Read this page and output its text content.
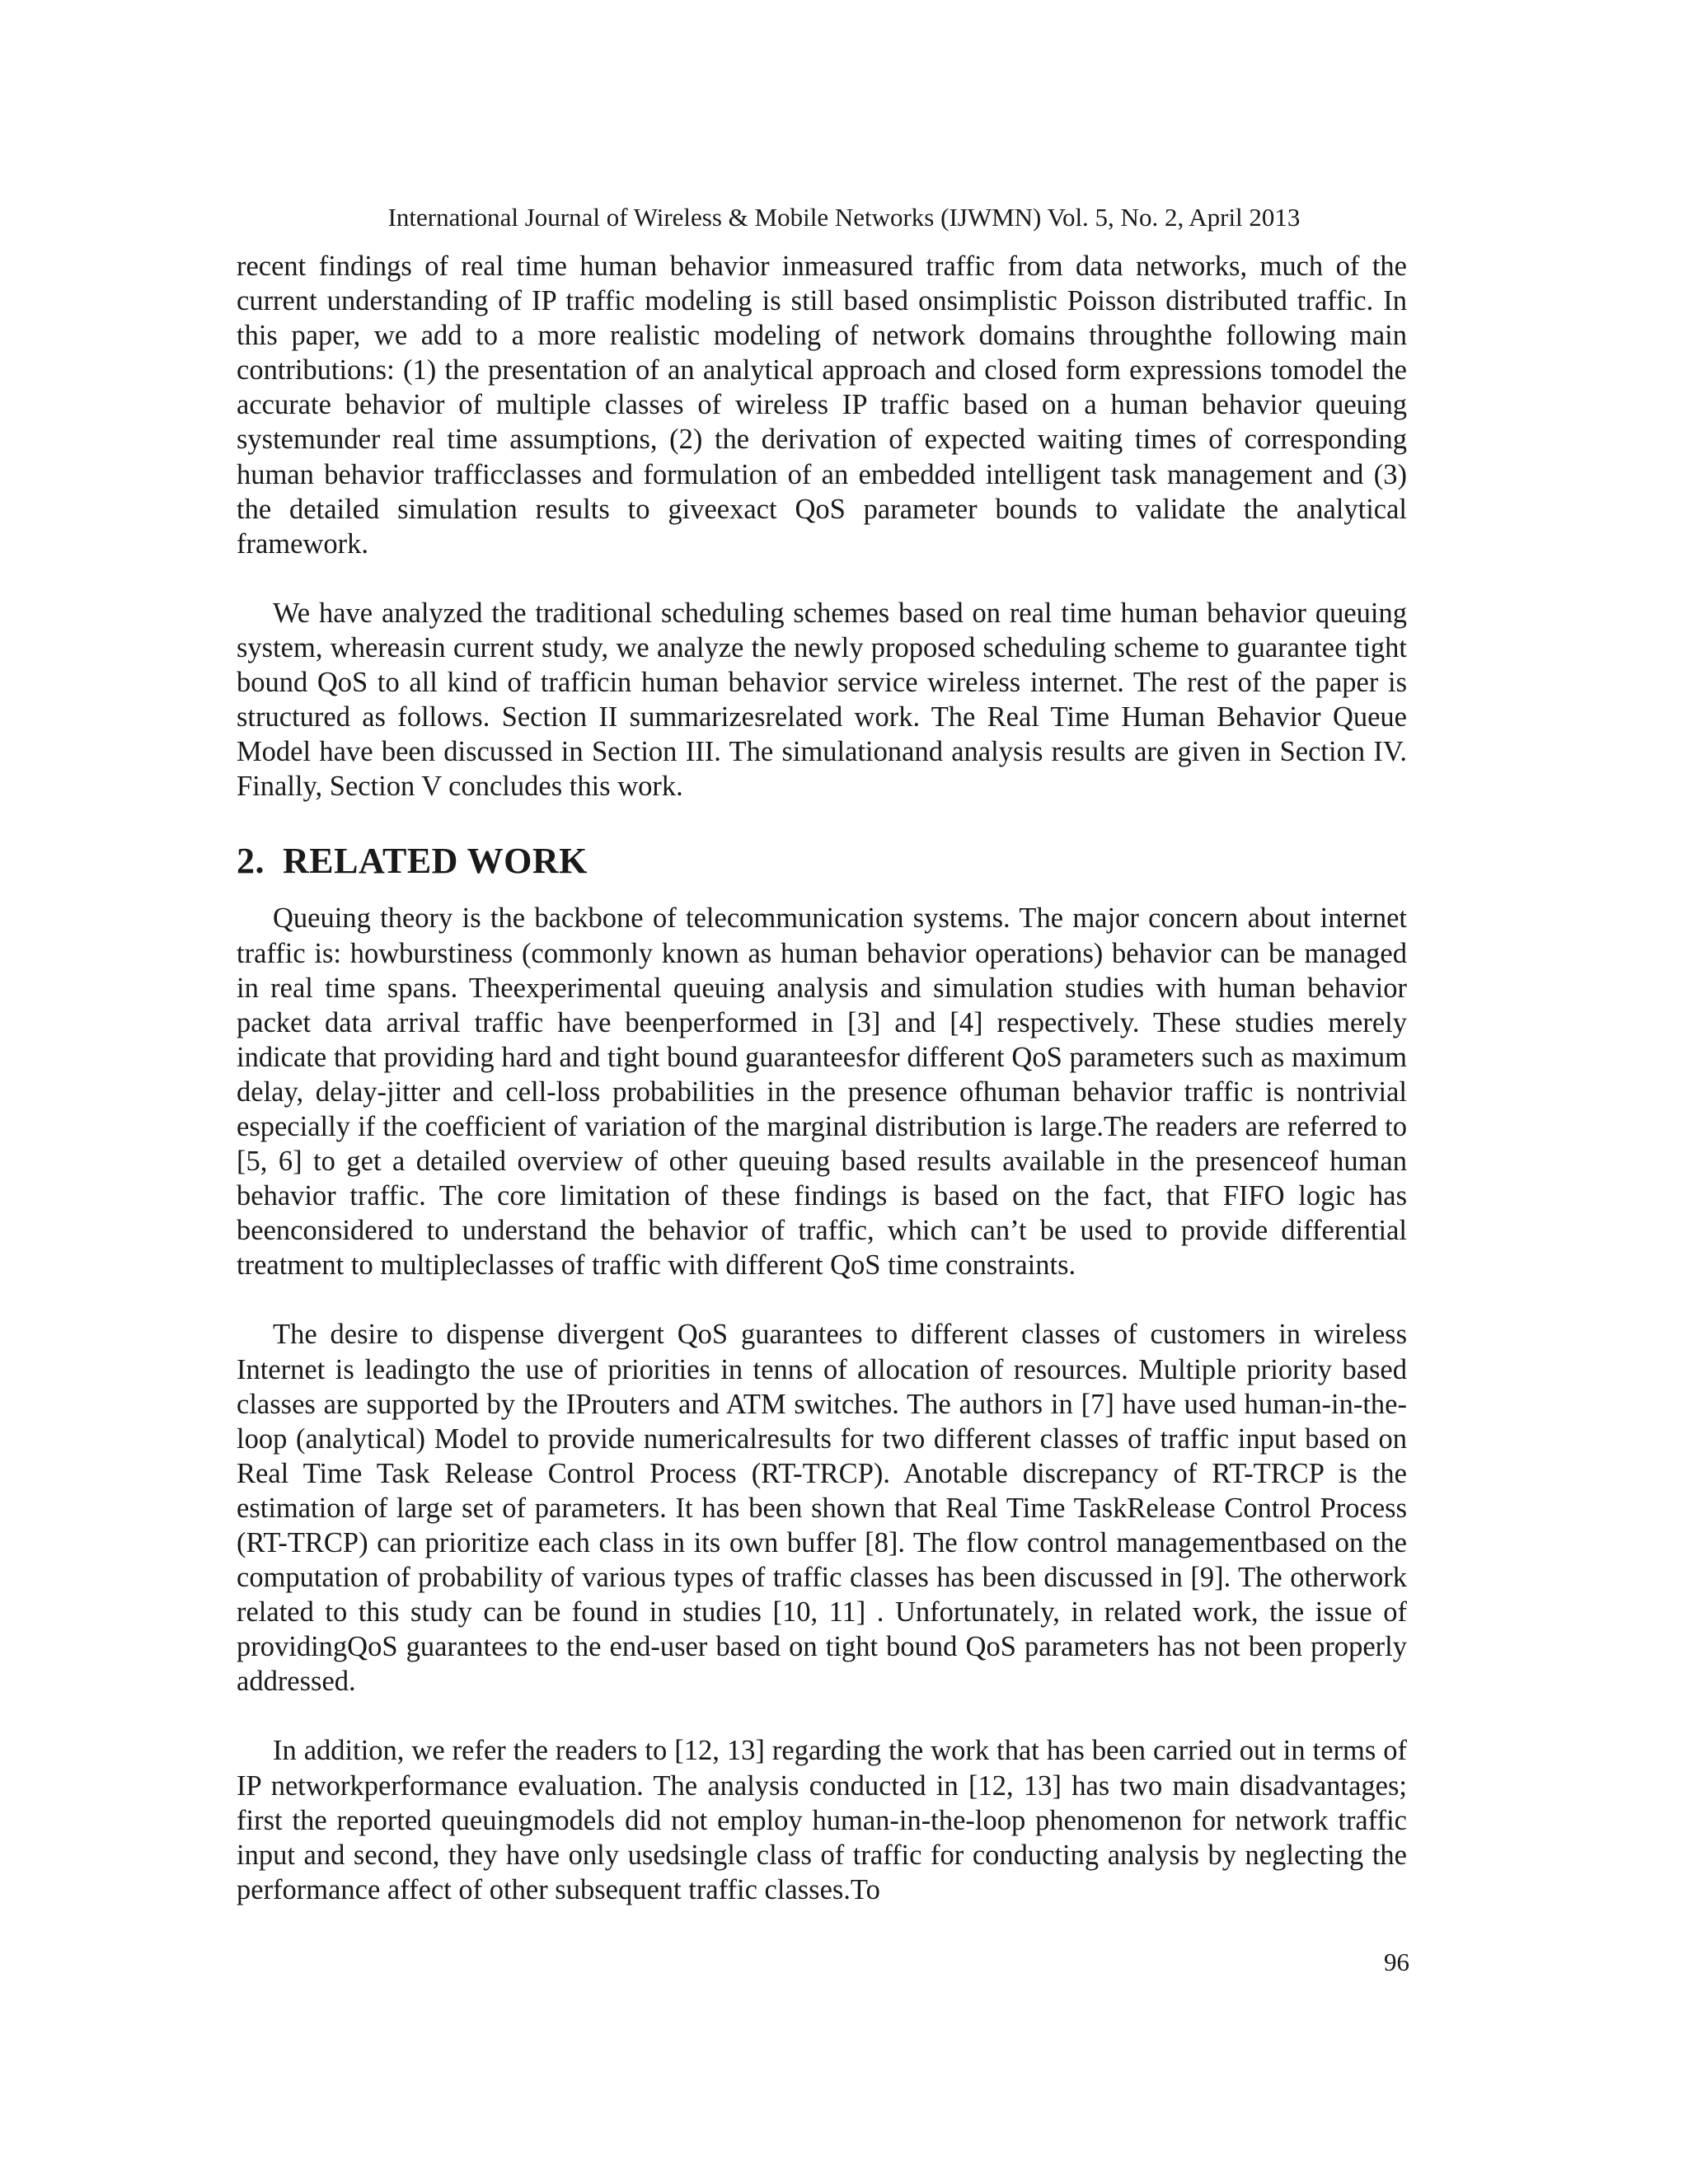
International Journal of Wireless & Mobile Networks (IJWMN) Vol. 5, No. 2, April 2013

recent findings of real time human behavior inmeasured traffic from data networks, much of the current understanding of IP traffic modeling is still based onsimplistic Poisson distributed traffic. In this paper, we add to a more realistic modeling of network domains throughthe following main contributions: (1) the presentation of an analytical approach and closed form expressions tomodel the accurate behavior of multiple classes of wireless IP traffic based on a human behavior queuing systemunder real time assumptions, (2) the derivation of expected waiting times of corresponding human behavior trafficclasses and formulation of an embedded intelligent task management and (3) the detailed simulation results to giveexact QoS parameter bounds to validate the analytical framework.

We have analyzed the traditional scheduling schemes based on real time human behavior queuing system, whereasin current study, we analyze the newly proposed scheduling scheme to guarantee tight bound QoS to all kind of trafficin human behavior service wireless internet. The rest of the paper is structured as follows. Section II summarizesrelated work. The Real Time Human Behavior Queue Model have been discussed in Section III. The simulationand analysis results are given in Section IV. Finally, Section V concludes this work.

2. RELATED WORK

Queuing theory is the backbone of telecommunication systems. The major concern about internet traffic is: howburstiness (commonly known as human behavior operations) behavior can be managed in real time spans. Theexperimental queuing analysis and simulation studies with human behavior packet data arrival traffic have beenperformed in [3] and [4] respectively. These studies merely indicate that providing hard and tight bound guaranteesfor different QoS parameters such as maximum delay, delay-jitter and cell-loss probabilities in the presence ofhuman behavior traffic is nontrivial especially if the coefficient of variation of the marginal distribution is large.The readers are referred to [5, 6] to get a detailed overview of other queuing based results available in the presenceof human behavior traffic. The core limitation of these findings is based on the fact, that FIFO logic has beenconsidered to understand the behavior of traffic, which can’t be used to provide differential treatment to multipleclasses of traffic with different QoS time constraints.

The desire to dispense divergent QoS guarantees to different classes of customers in wireless Internet is leadingto the use of priorities in tenns of allocation of resources. Multiple priority based classes are supported by the IProuters and ATM switches. The authors in [7] have used human-in-the-loop (analytical) Model to provide numericalresults for two different classes of traffic input based on Real Time Task Release Control Process (RT-TRCP). Anotable discrepancy of RT-TRCP is the estimation of large set of parameters. It has been shown that Real Time TaskRelease Control Process (RT-TRCP) can prioritize each class in its own buffer [8]. The flow control managementbased on the computation of probability of various types of traffic classes has been discussed in [9]. The otherwork related to this study can be found in studies [10, 11] . Unfortunately, in related work, the issue of providingQoS guarantees to the end-user based on tight bound QoS parameters has not been properly addressed.

In addition, we refer the readers to [12, 13] regarding the work that has been carried out in terms of IP networkperformance evaluation. The analysis conducted in [12, 13] has two main disadvantages; first the reported queuingmodels did not employ human-in-the-loop phenomenon for network traffic input and second, they have only usedsingle class of traffic for conducting analysis by neglecting the performance affect of other subsequent traffic classes.To

96
